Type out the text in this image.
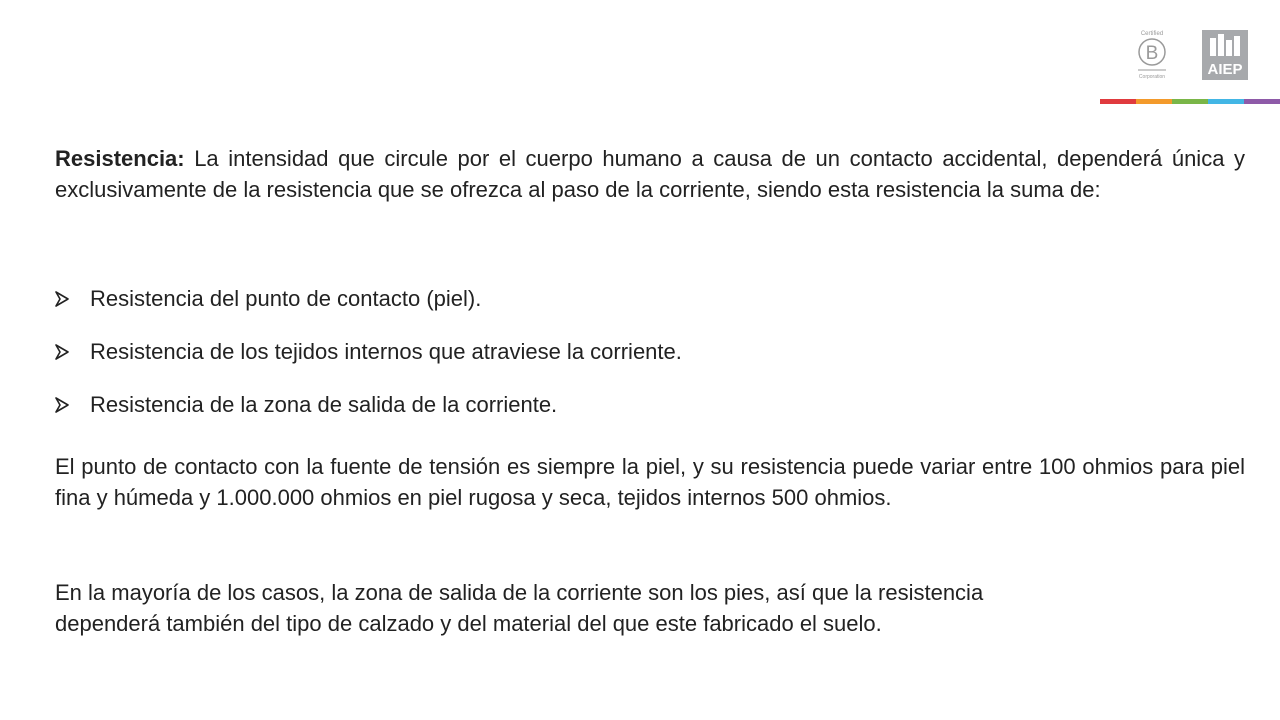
Certified
B
Corporation	AIEP

Resistencia: La intensidad que circule por el cuerpo humano a causa de un contacto accidental, dependerá única y exclusivamente de la resistencia que se ofrezca al paso de la corriente, siendo esta resistencia la suma de:

Resistencia del punto de contacto (piel).
Resistencia de los tejidos internos que atraviese la corriente.
Resistencia de la zona de salida de la corriente.

El punto de contacto con la fuente de tensión es siempre la piel, y su resistencia puede variar entre 100 ohmios para piel fina y húmeda y 1.000.000 ohmios en piel rugosa y seca, tejidos internos 500 ohmios.

En la mayoría de los casos, la zona de salida de la corriente son los pies, así que la resistencia
dependerá también del tipo de calzado y del material del que este fabricado el suelo.
